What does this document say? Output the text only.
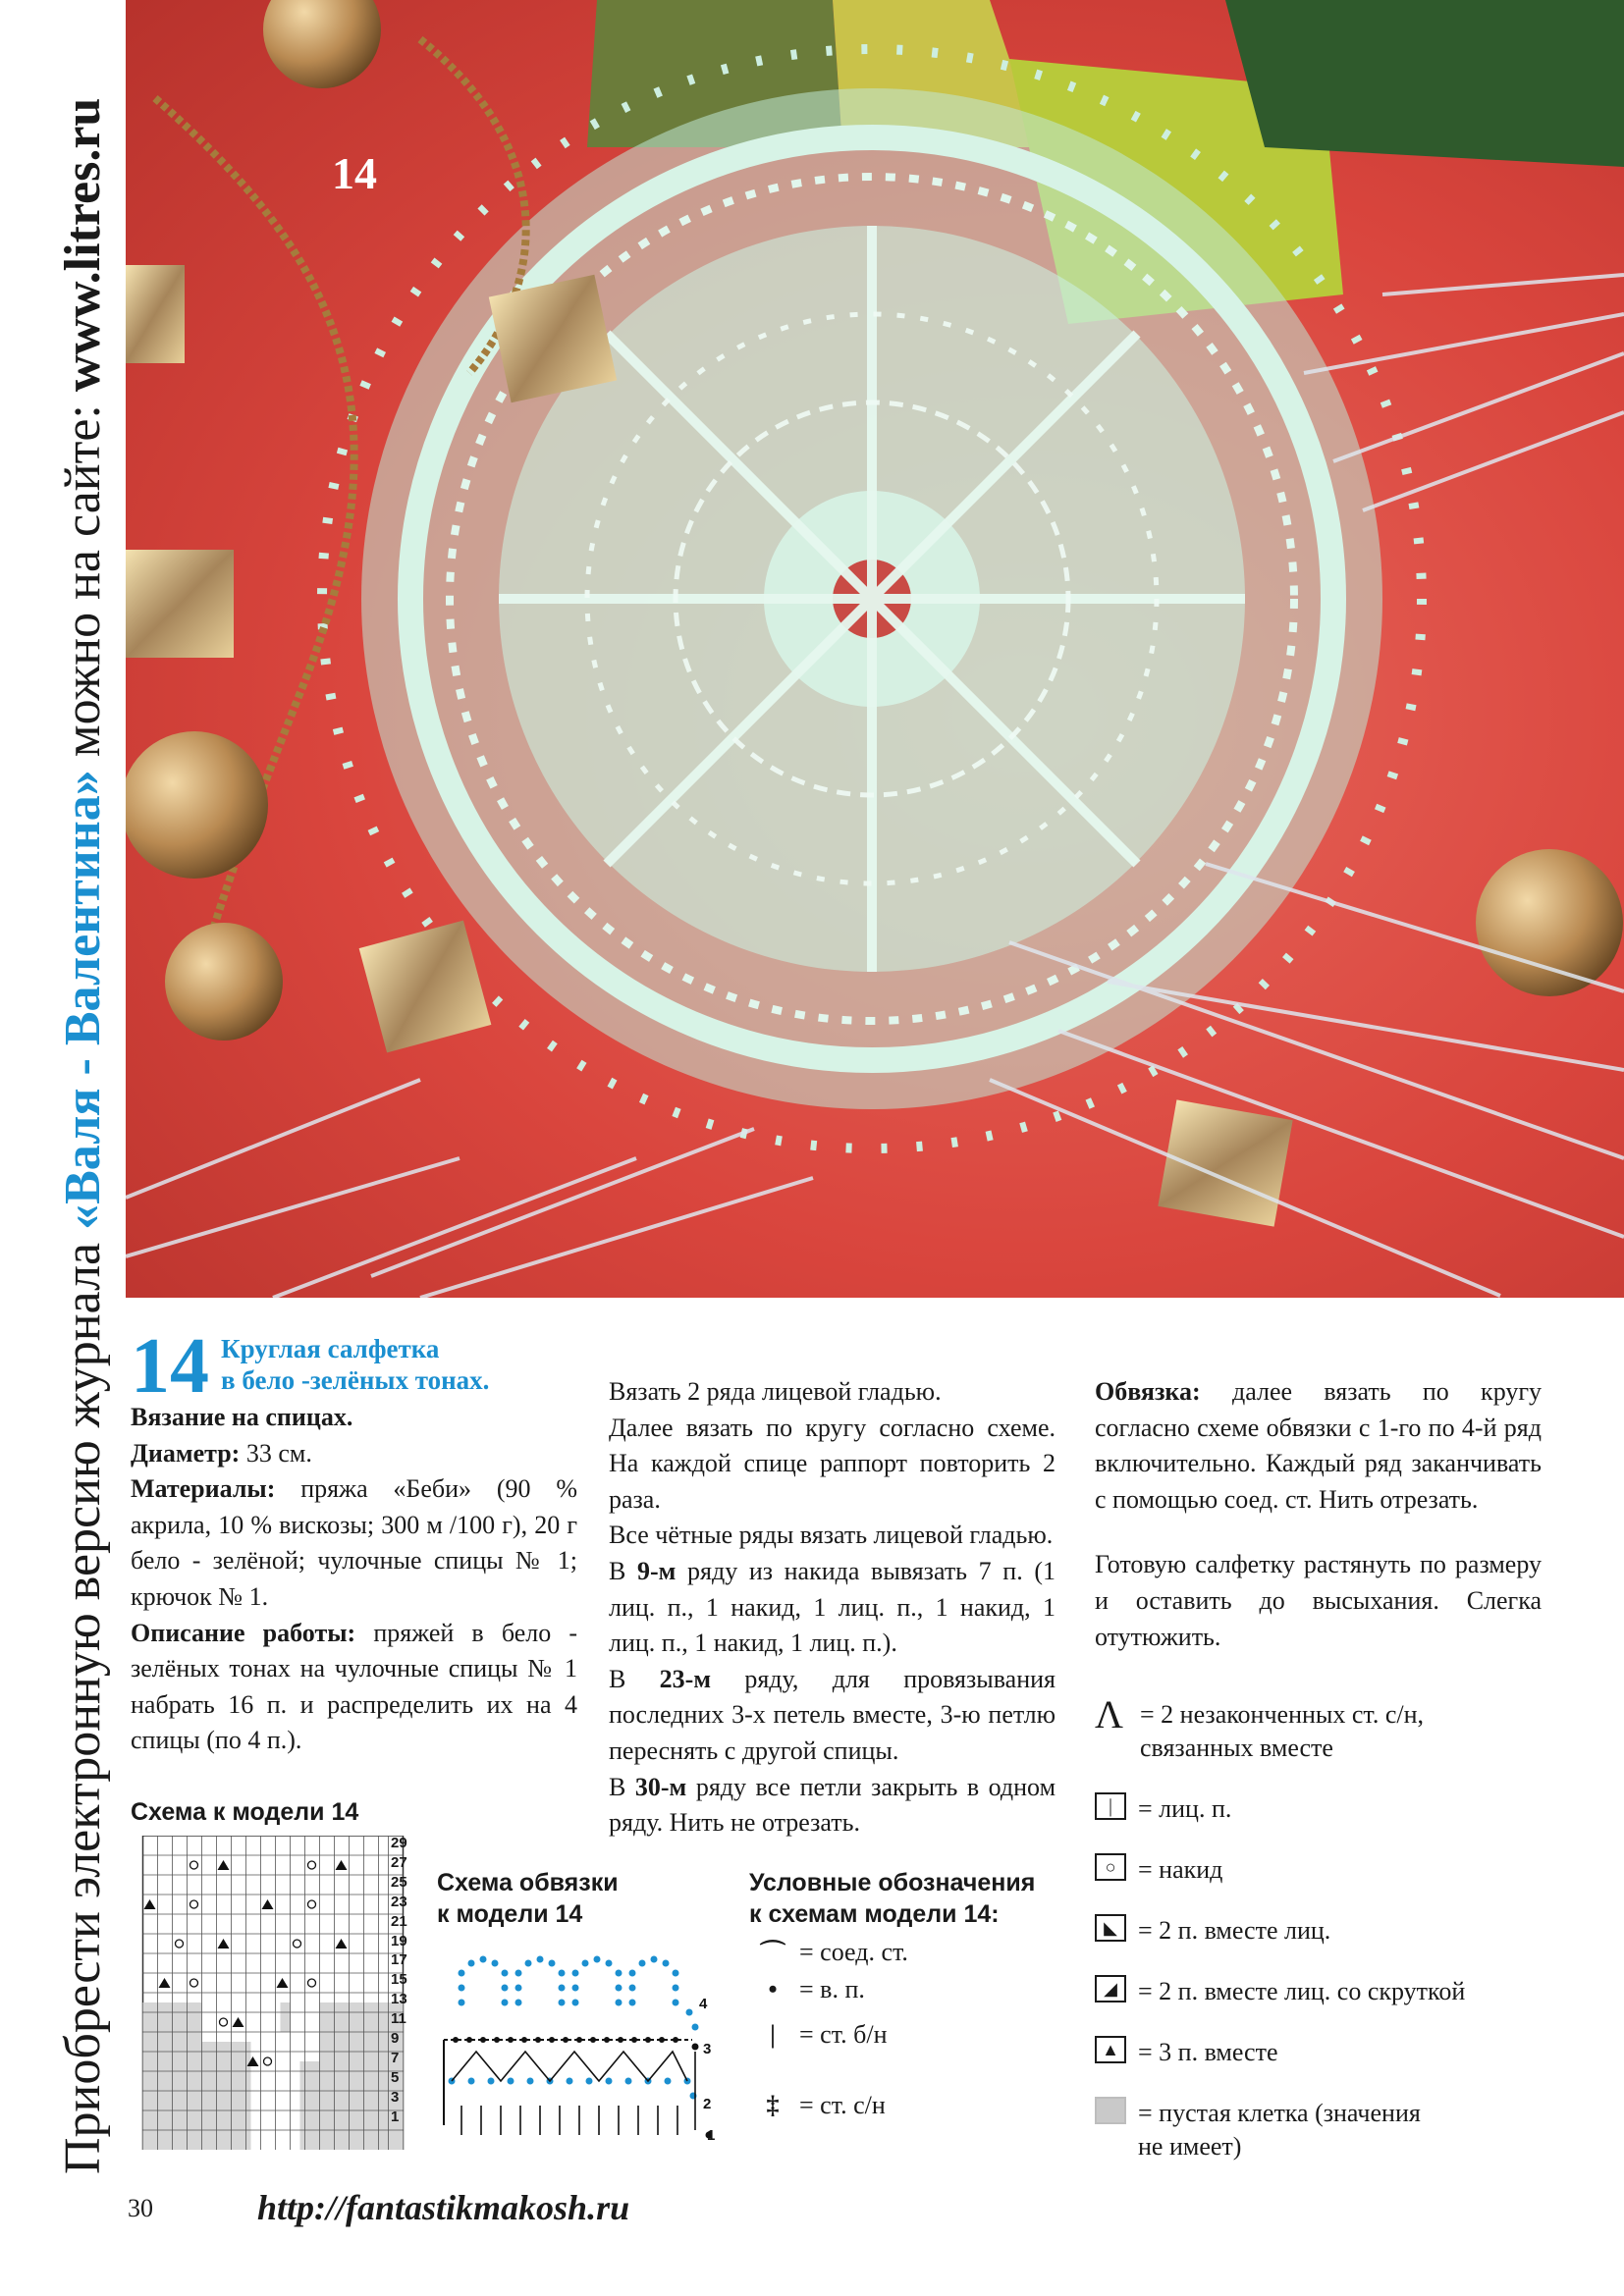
Приобрести электронную версию журнала «Валя - Валентина» можно на сайте: www.litres.ru	14
14 Круглая салфетка
в бело -зелёных тонах.

Вязание на спицах.

Диаметр: 33 см.

Материалы: пряжа «Беби» (90 % акрила, 10 % вискозы; 300 м /100 г), 20 г бело - зелёной; чулочные спицы № 1; крючок № 1.

Описание работы: пряжей в бело - зелёных тонах на чулочные спицы № 1 набрать 16 п. и распределить их на 4 спицы (по 4 п.).

Вязать 2 ряда лицевой гладью.

Далее вязать по кругу согласно схеме. На каждой спице раппорт повторить 2 раза.

Все чётные ряды вязать лицевой гладью.

В 9-м ряду из накида вывязать 7 п. (1 лиц. п., 1 накид, 1 лиц. п., 1 накид, 1 лиц. п., 1 накид, 1 лиц. п.).

В 23-м ряду, для провязывания последних 3-х петель вместе, 3-ю петлю переснять с другой спицы.

В 30-м ряду все петли закрыть в одном ряду. Нить не отрезать.

Обвязка: далее вязать по кругу согласно схеме обвязки с 1-го по 4-й ряд включительно. Каждый ряд заканчивать с помощью соед. ст. Нить отрезать.

Готовую салфетку растянуть по размеру и оставить до высыхания. Слегка отутюжить.

Схема к модели 14
29
27
25
23
21
19
17
15
13
11
9
7
5
3
1
Схема обвязки
к модели 14
4
3
2
1
Условные обозначения
к схемам модели 14:
⌒ = соед. ст.
• = в. п.
| = ст. б/н
‡ = ст. с/н
Λ = 2 незаконченных ст. с/н, связанных вместе
|	= лиц. п.
○ = накид
◣ = 2 п. вместе лиц.
◢ = 2 п. вместе лиц. со скруткой
▲ = 3 п. вместе
= пустая клетка (значения не имеет)
30	http://fantastikmakosh.ru
